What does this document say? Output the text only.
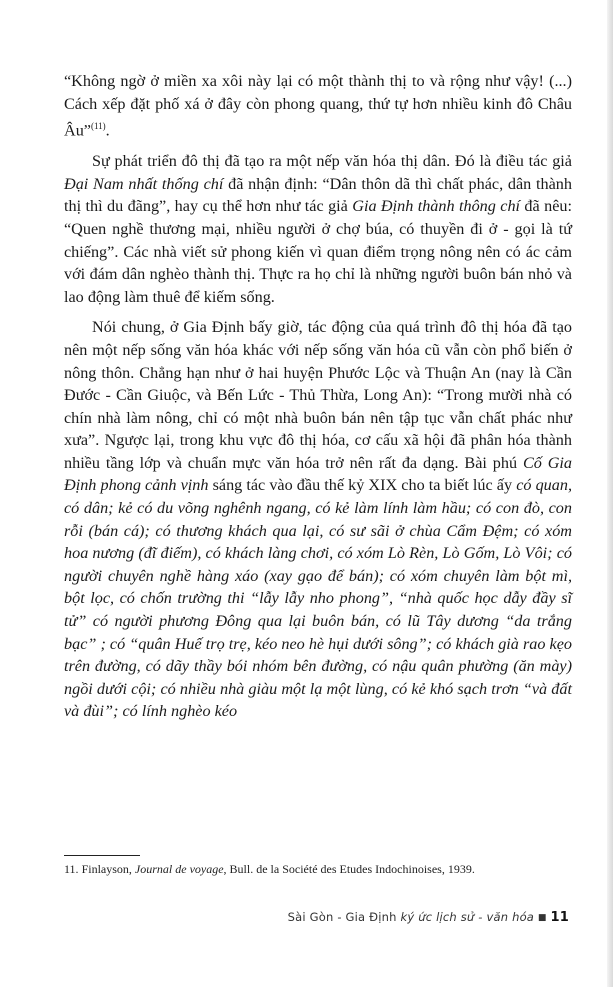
“Không ngờ ở miền xa xôi này lại có một thành thị to và rộng như vậy! (...) Cách xếp đặt phố xá ở đây còn phong quang, thứ tự hơn nhiều kinh đô Châu Âu”$^{(11)}$.

Sự phát triển đô thị đã tạo ra một nếp văn hóa thị dân. Đó là điều tác giả Đại Nam nhất thống chí đã nhận định: “Dân thôn dã thì chất phác, dân thành thị thì du đãng”, hay cụ thể hơn như tác giả Gia Định thành thông chí đã nêu: “Quen nghề thương mại, nhiều người ở chợ búa, có thuyền đi ở - gọi là tứ chiếng”. Các nhà viết sử phong kiến vì quan điểm trọng nông nên có ác cảm với đám dân nghèo thành thị. Thực ra họ chỉ là những người buôn bán nhỏ và lao động làm thuê để kiếm sống.

Nói chung, ở Gia Định bấy giờ, tác động của quá trình đô thị hóa đã tạo nên một nếp sống văn hóa khác với nếp sống văn hóa cũ vẫn còn phổ biến ở nông thôn. Chẳng hạn như ở hai huyện Phước Lộc và Thuận An (nay là Cần Đước - Cần Giuộc, và Bến Lức - Thủ Thừa, Long An): “Trong mười nhà có chín nhà làm nông, chỉ có một nhà buôn bán nên tập tục vẫn chất phác như xưa”. Ngược lại, trong khu vực đô thị hóa, cơ cấu xã hội đã phân hóa thành nhiều tầng lớp và chuẩn mực văn hóa trở nên rất đa dạng. Bài phú Cố Gia Định phong cảnh vịnh sáng tác vào đầu thế kỷ XIX cho ta biết lúc ấy có quan, có dân; kẻ có du võng nghênh ngang, có kẻ làm lính làm hầu; có con đò, con rỗi (bán cá); có thương khách qua lại, có sư sãi ở chùa Cẩm Đệm; có xóm hoa nương (đĩ điếm), có khách làng chơi, có xóm Lò Rèn, Lò Gốm, Lò Vôi; có người chuyên nghề hàng xáo (xay gạo để bán); có xóm chuyên làm bột mì, bột lọc, có chốn trường thi “lẫy lẫy nho phong”, “nhà quốc học dẫy đầy sĩ tử” có người phương Đông qua lại buôn bán, có lũ Tây dương “da trắng bạc” ; có “quân Huế trọ trẹ, kéo neo hè hụi dưới sông”; có khách già rao kẹo trên đường, có dãy thầy bói nhóm bên đường, có nậu quân phường (ăn mày) ngồi dưới cội; có nhiều nhà giàu một lạ một lùng, có kẻ khó sạch trơn “và đất và đùi”; có lính nghèo kéo

11. Finlayson, Journal de voyage, Bull. de la Société des Etudes Indochinoises, 1939.
Sài Gòn - Gia Định ký ức lịch sử - văn hóa ■ 11
